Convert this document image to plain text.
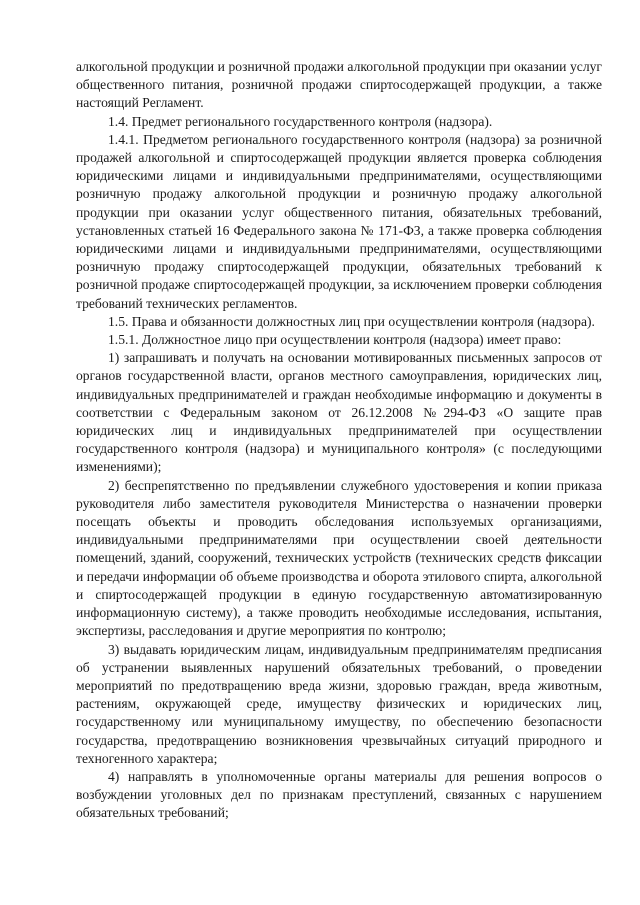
алкогольной продукции и розничной продажи алкогольной продукции при оказании услуг общественного питания, розничной продажи спиртосодержащей продукции, а также настоящий Регламент.

1.4. Предмет регионального государственного контроля (надзора).

1.4.1. Предметом регионального государственного контроля (надзора) за розничной продажей алкогольной и спиртосодержащей продукции является проверка соблюдения юридическими лицами и индивидуальными предпринимателями, осуществляющими розничную продажу алкогольной продукции и розничную продажу алкогольной продукции при оказании услуг общественного питания, обязательных требований, установленных статьей 16 Федерального закона № 171-ФЗ, а также проверка соблюдения юридическими лицами и индивидуальными предпринимателями, осуществляющими розничную продажу спиртосодержащей продукции, обязательных требований к розничной продаже спиртосодержащей продукции, за исключением проверки соблюдения требований технических регламентов.

1.5. Права и обязанности должностных лиц при осуществлении контроля (надзора).

1.5.1. Должностное лицо при осуществлении контроля (надзора) имеет право:

1) запрашивать и получать на основании мотивированных письменных запросов от органов государственной власти, органов местного самоуправления, юридических лиц, индивидуальных предпринимателей и граждан необходимые информацию и документы в соответствии с Федеральным законом от 26.12.2008 №294-ФЗ «О защите прав юридических лиц и индивидуальных предпринимателей при осуществлении государственного контроля (надзора) и муниципального контроля» (с последующими изменениями);

2) беспрепятственно по предъявлении служебного удостоверения и копии приказа руководителя либо заместителя руководителя Министерства о назначении проверки посещать объекты и проводить обследования используемых организациями, индивидуальными предпринимателями при осуществлении своей деятельности помещений, зданий, сооружений, технических устройств (технических средств фиксации и передачи информации об объеме производства и оборота этилового спирта, алкогольной и спиртосодержащей продукции в единую государственную автоматизированную информационную систему), а также проводить необходимые исследования, испытания, экспертизы, расследования и другие мероприятия по контролю;

3) выдавать юридическим лицам, индивидуальным предпринимателям предписания об устранении выявленных нарушений обязательных требований, о проведении мероприятий по предотвращению вреда жизни, здоровью граждан, вреда животным, растениям, окружающей среде, имуществу физических и юридических лиц, государственному или муниципальному имуществу, по обеспечению безопасности государства, предотвращению возникновения чрезвычайных ситуаций природного и техногенного характера;

4) направлять в уполномоченные органы материалы для решения вопросов о возбуждении уголовных дел по признакам преступлений, связанных с нарушением обязательных требований;
